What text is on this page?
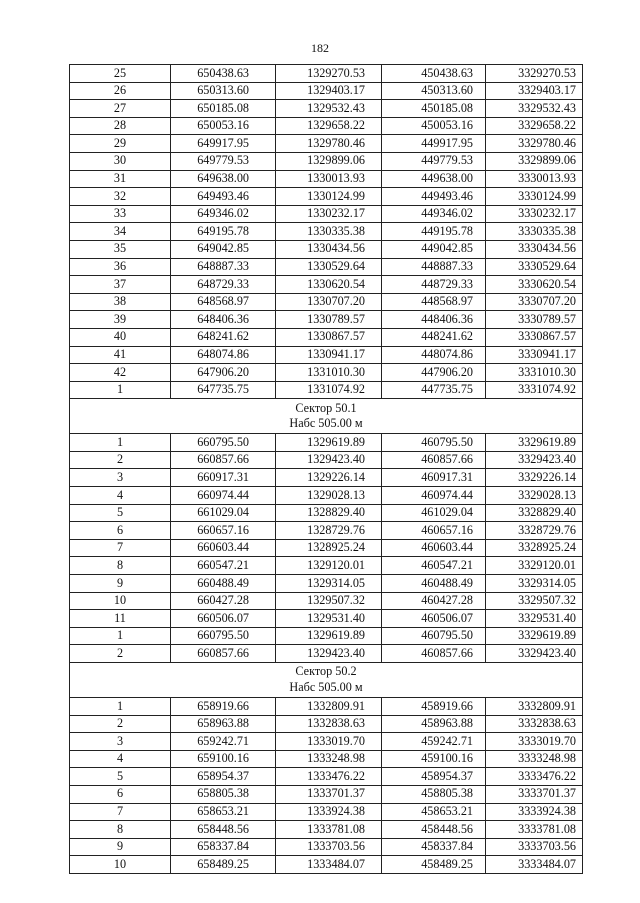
182
25	650438.63	1329270.53	450438.63	3329270.53
26	650313.60	1329403.17	450313.60	3329403.17
27	650185.08	1329532.43	450185.08	3329532.43
28	650053.16	1329658.22	450053.16	3329658.22
29	649917.95	1329780.46	449917.95	3329780.46
30	649779.53	1329899.06	449779.53	3329899.06
31	649638.00	1330013.93	449638.00	3330013.93
32	649493.46	1330124.99	449493.46	3330124.99
33	649346.02	1330232.17	449346.02	3330232.17
34	649195.78	1330335.38	449195.78	3330335.38
35	649042.85	1330434.56	449042.85	3330434.56
36	648887.33	1330529.64	448887.33	3330529.64
37	648729.33	1330620.54	448729.33	3330620.54
38	648568.97	1330707.20	448568.97	3330707.20
39	648406.36	1330789.57	448406.36	3330789.57
40	648241.62	1330867.57	448241.62	3330867.57
41	648074.86	1330941.17	448074.86	3330941.17
42	647906.20	1331010.30	447906.20	3331010.30
1	647735.75	1331074.92	447735.75	3331074.92

Сектор 50.1
Набс 505.00 м				

1	660795.50	1329619.89	460795.50	3329619.89
2	660857.66	1329423.40	460857.66	3329423.40
3	660917.31	1329226.14	460917.31	3329226.14
4	660974.44	1329028.13	460974.44	3329028.13
5	661029.04	1328829.40	461029.04	3328829.40
6	660657.16	1328729.76	460657.16	3328729.76
7	660603.44	1328925.24	460603.44	3328925.24
8	660547.21	1329120.01	460547.21	3329120.01
9	660488.49	1329314.05	460488.49	3329314.05
10	660427.28	1329507.32	460427.28	3329507.32
11	660506.07	1329531.40	460506.07	3329531.40
1	660795.50	1329619.89	460795.50	3329619.89
2	660857.66	1329423.40	460857.66	3329423.40

Сектор 50.2
Набс 505.00 м				

1	658919.66	1332809.91	458919.66	3332809.91
2	658963.88	1332838.63	458963.88	3332838.63
3	659242.71	1333019.70	459242.71	3333019.70
4	659100.16	1333248.98	459100.16	3333248.98
5	658954.37	1333476.22	458954.37	3333476.22
6	658805.38	1333701.37	458805.38	3333701.37
7	658653.21	1333924.38	458653.21	3333924.38
8	658448.56	1333781.08	458448.56	3333781.08
9	658337.84	1333703.56	458337.84	3333703.56
10	658489.25	1333484.07	458489.25	3333484.07
